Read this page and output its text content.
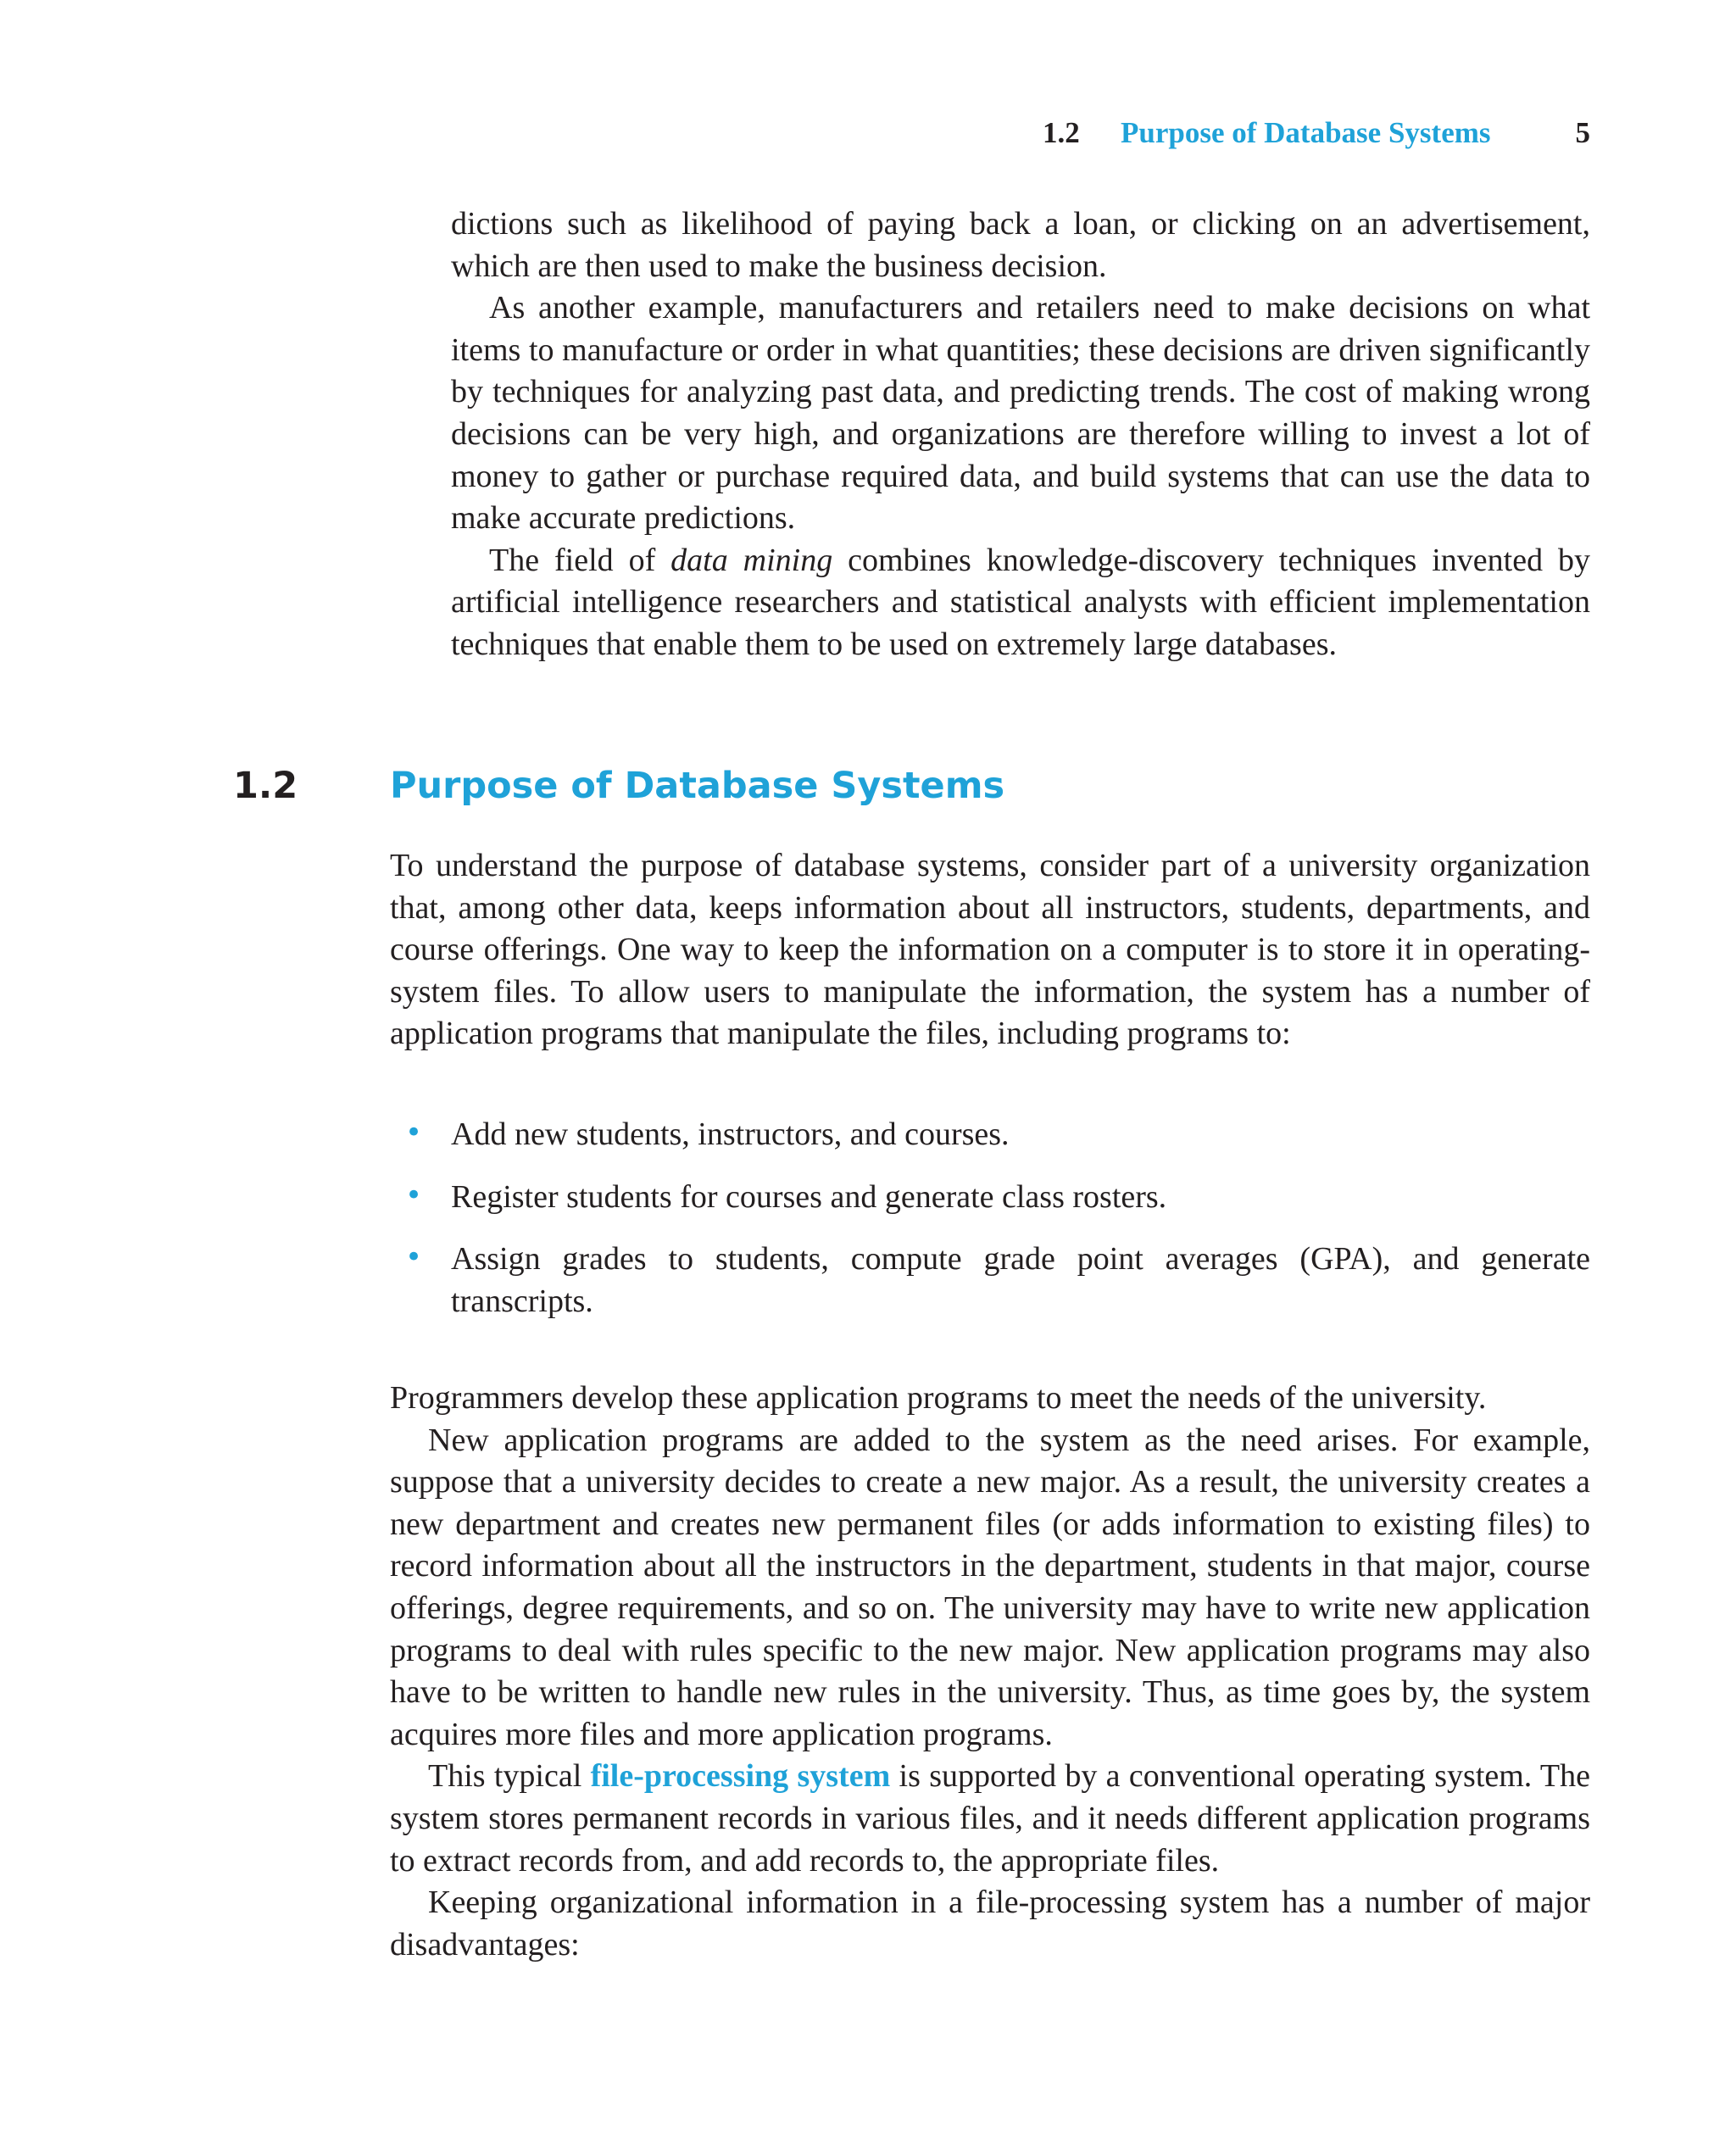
1.2 Purpose of Database Systems	5

dictions such as likelihood of paying back a loan, or clicking on an advertisement, which are then used to make the business decision.

As another example, manufacturers and retailers need to make decisions on what items to manufacture or order in what quantities; these decisions are driven significantly by techniques for analyzing past data, and predicting trends. The cost of making wrong decisions can be very high, and organizations are therefore willing to invest a lot of money to gather or purchase required data, and build systems that can use the data to make accurate predictions.

The field of data mining combines knowledge-discovery techniques invented by artificial intelligence researchers and statistical analysts with efficient implementation techniques that enable them to be used on extremely large databases.

1.2	Purpose of Database Systems

To understand the purpose of database systems, consider part of a university organization that, among other data, keeps information about all instructors, students, departments, and course offerings. One way to keep the information on a computer is to store it in operating-system files. To allow users to manipulate the information, the system has a number of application programs that manipulate the files, including programs to:

• Add new students, instructors, and courses.
• Register students for courses and generate class rosters.
• Assign grades to students, compute grade point averages (GPA), and generate transcripts.

Programmers develop these application programs to meet the needs of the university.

New application programs are added to the system as the need arises. For example, suppose that a university decides to create a new major. As a result, the university creates a new department and creates new permanent files (or adds information to existing files) to record information about all the instructors in the department, students in that major, course offerings, degree requirements, and so on. The university may have to write new application programs to deal with rules specific to the new major. New application programs may also have to be written to handle new rules in the university. Thus, as time goes by, the system acquires more files and more application programs.

This typical file-processing system is supported by a conventional operating system. The system stores permanent records in various files, and it needs different application programs to extract records from, and add records to, the appropriate files.

Keeping organizational information in a file-processing system has a number of major disadvantages:
